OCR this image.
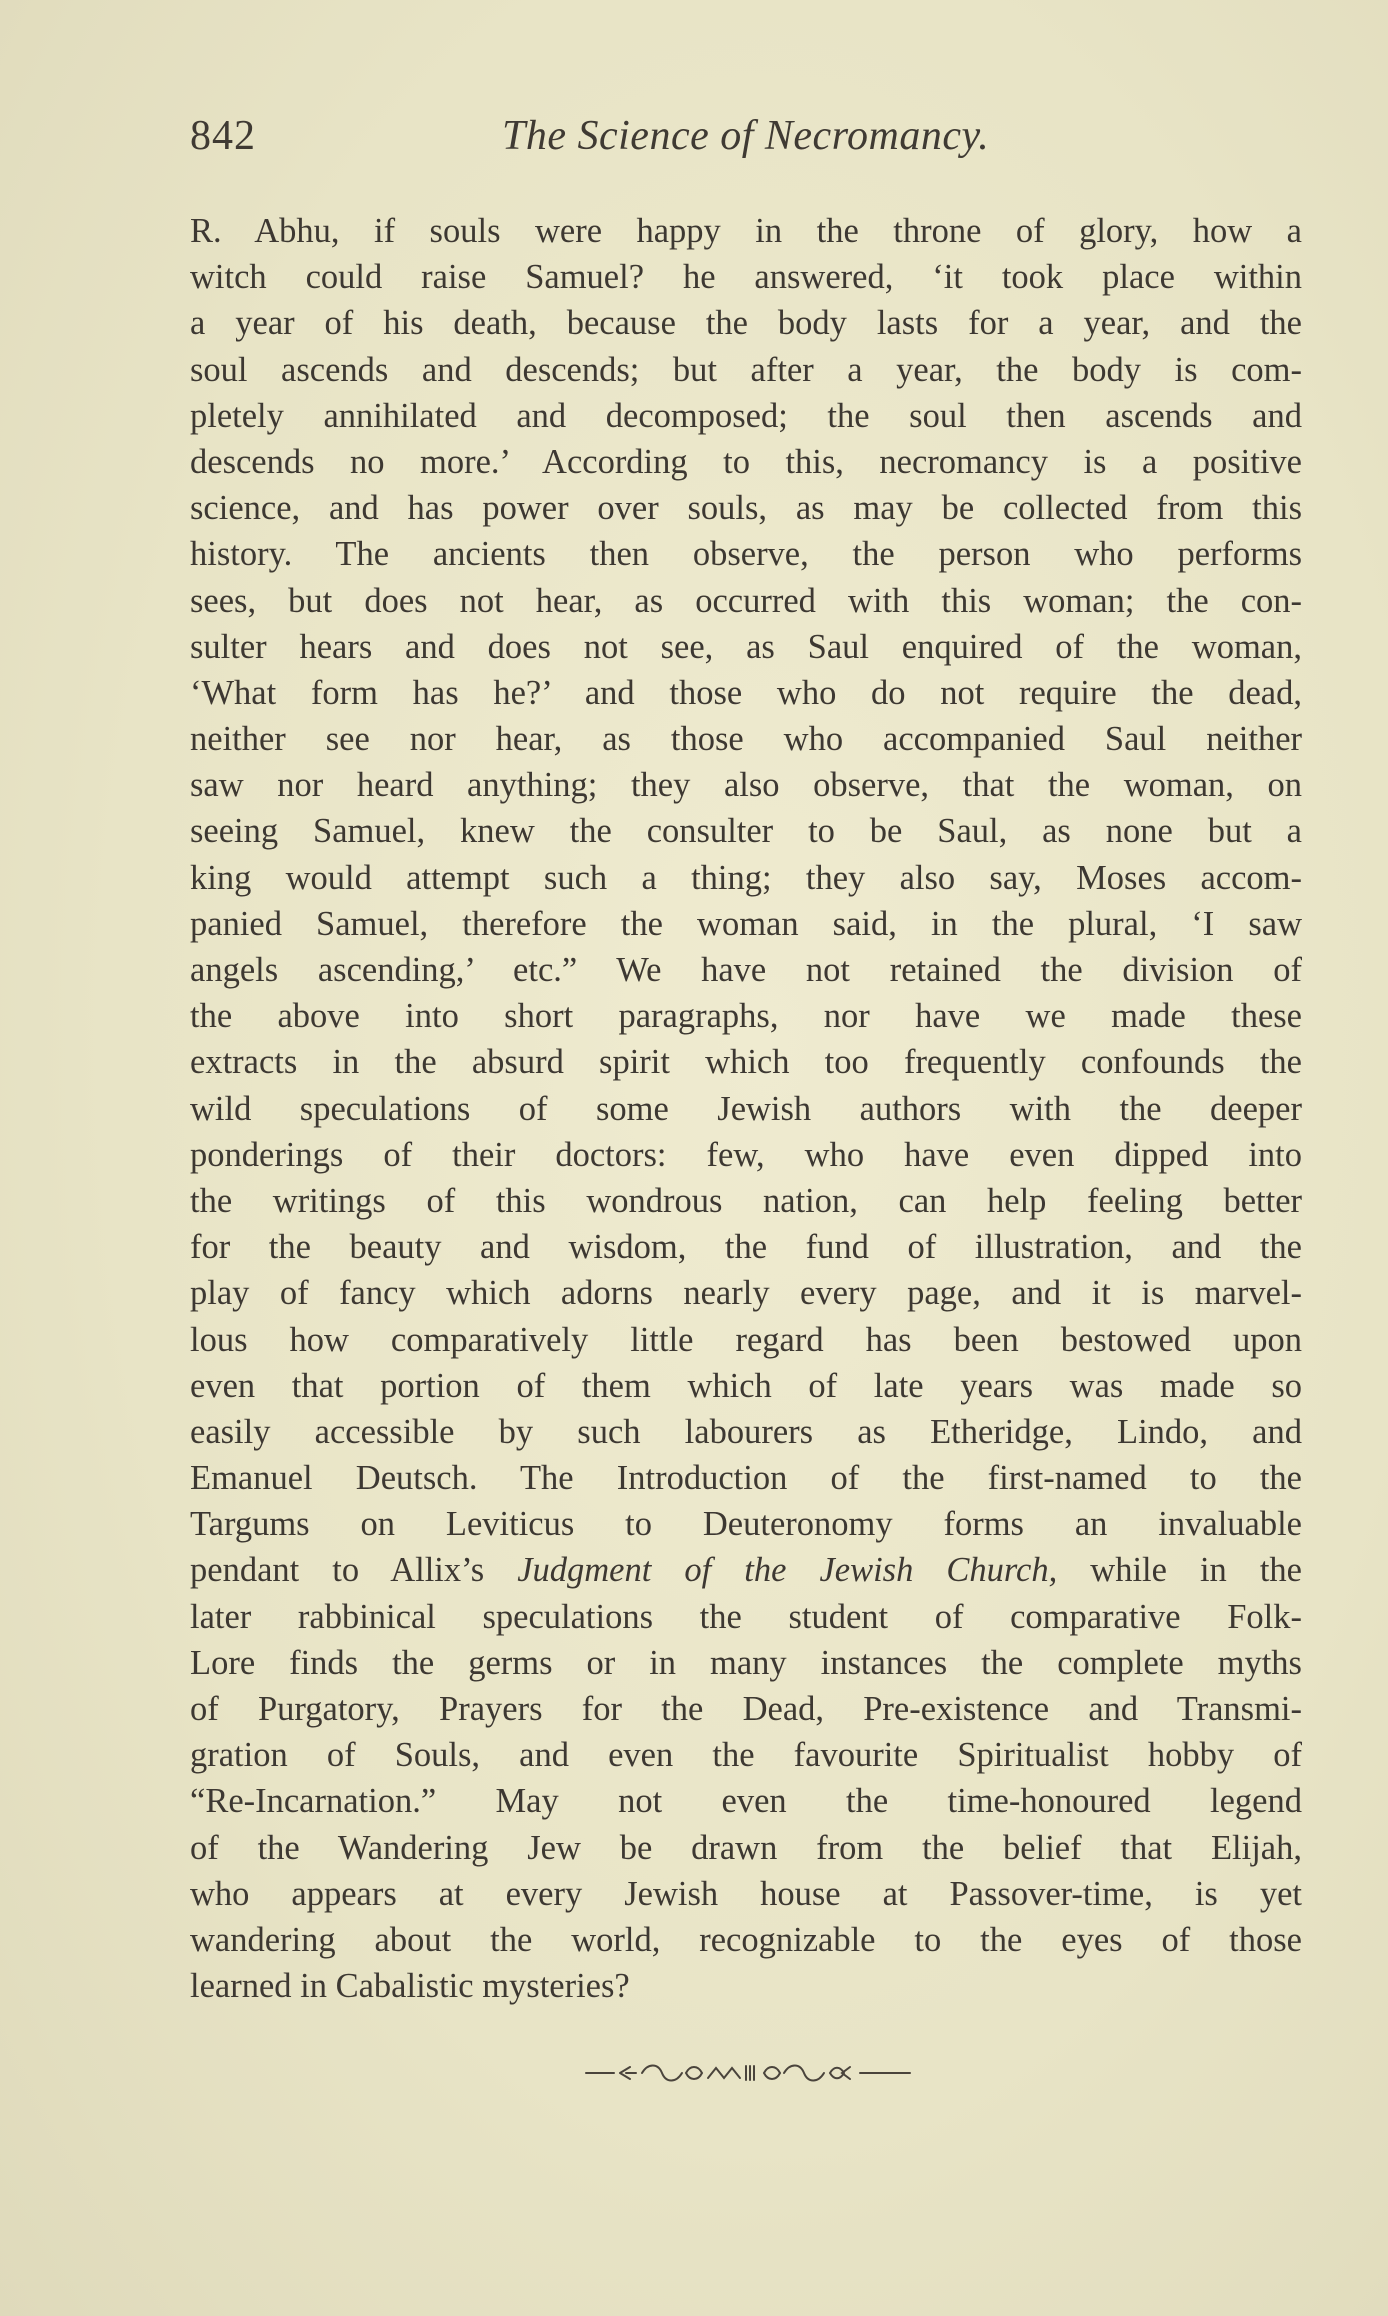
842	The Science of Necromancy.
R. Abhu, if souls were happy in the throne of glory, how a
witch could raise Samuel? he answered, ‘it took place within
a year of his death, because the body lasts for a year, and the
soul ascends and descends; but after a year, the body is com-
pletely annihilated and decomposed; the soul then ascends and
descends no more.’ According to this, necromancy is a positive
science, and has power over souls, as may be collected from this
history. The ancients then observe, the person who performs
sees, but does not hear, as occurred with this woman; the con-
sulter hears and does not see, as Saul enquired of the woman,
‘What form has he?’ and those who do not require the dead,
neither see nor hear, as those who accompanied Saul neither
saw nor heard anything; they also observe, that the woman, on
seeing Samuel, knew the consulter to be Saul, as none but a
king would attempt such a thing; they also say, Moses accom-
panied Samuel, therefore the woman said, in the plural, ‘I saw
angels ascending,’ etc.” We have not retained the division of
the above into short paragraphs, nor have we made these
extracts in the absurd spirit which too frequently confounds the
wild speculations of some Jewish authors with the deeper
ponderings of their doctors: few, who have even dipped into
the writings of this wondrous nation, can help feeling better
for the beauty and wisdom, the fund of illustration, and the
play of fancy which adorns nearly every page, and it is marvel-
lous how comparatively little regard has been bestowed upon
even that portion of them which of late years was made so
easily accessible by such labourers as Etheridge, Lindo, and
Emanuel Deutsch. The Introduction of the first-named to the
Targums on Leviticus to Deuteronomy forms an invaluable
pendant to Allix’s Judgment of the Jewish Church, while in the
later rabbinical speculations the student of comparative Folk-
Lore finds the germs or in many instances the complete myths
of Purgatory, Prayers for the Dead, Pre-existence and Transmi-
gration of Souls, and even the favourite Spiritualist hobby of
“Re-Incarnation.” May not even the time-honoured legend
of the Wandering Jew be drawn from the belief that Elijah,
who appears at every Jewish house at Passover-time, is yet
wandering about the world, recognizable to the eyes of those
learned in Cabalistic mysteries?
